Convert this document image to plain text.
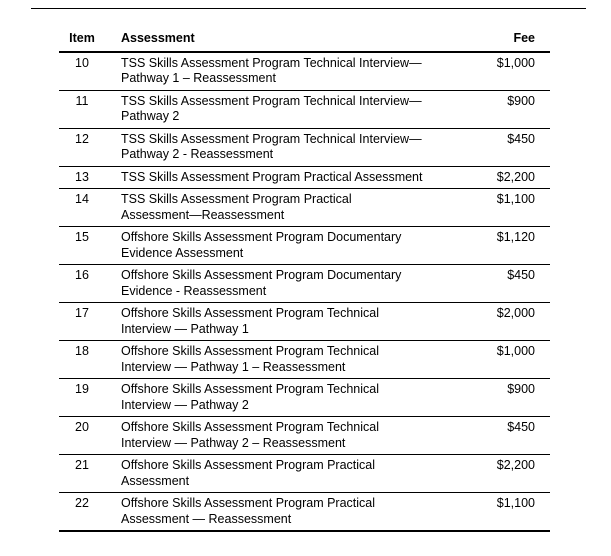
Item	Assessment	Fee
10	TSS Skills Assessment Program Technical Interview—
Pathway 1 – Reassessment	$1,000
11	TSS Skills Assessment Program Technical Interview—
Pathway 2	$900
12	TSS Skills Assessment Program Technical Interview—
Pathway 2 - Reassessment	$450
13	TSS Skills Assessment Program Practical Assessment	$2,200
14	TSS Skills Assessment Program Practical
Assessment—Reassessment	$1,100
15	Offshore Skills Assessment Program Documentary
Evidence Assessment	$1,120
16	Offshore Skills Assessment Program Documentary
Evidence - Reassessment	$450
17	Offshore Skills Assessment Program Technical
Interview — Pathway 1	$2,000
18	Offshore Skills Assessment Program Technical
Interview — Pathway 1 – Reassessment	$1,000
19	Offshore Skills Assessment Program Technical
Interview — Pathway 2	$900
20	Offshore Skills Assessment Program Technical
Interview — Pathway 2 – Reassessment	$450
21	Offshore Skills Assessment Program Practical
Assessment	$2,200
22	Offshore Skills Assessment Program Practical
Assessment — Reassessment	$1,100
